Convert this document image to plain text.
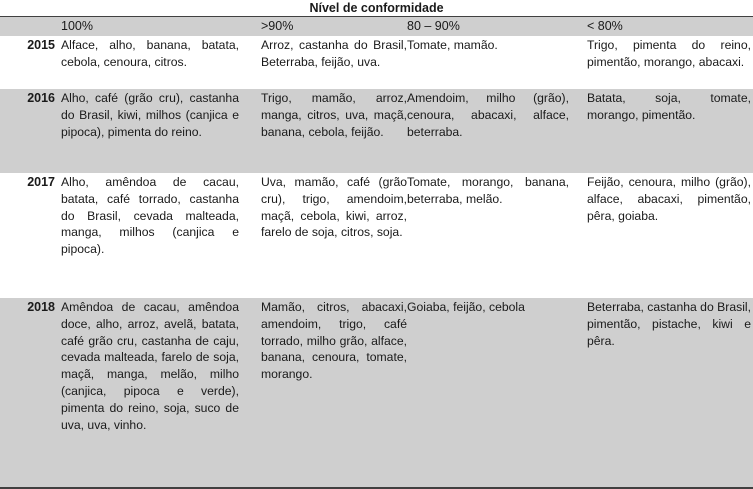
Nível de conformidade
	100%	>90%	80 – 90%	< 80%
2015	Alface, alho, banana, batata, cebola, cenoura, citros.	Arroz, castanha do Brasil, Beterraba, feijão, uva.	Tomate, mamão.	Trigo, pimenta do reino, pimentão, morango, abacaxi.
2016	Alho, café (grão cru), castanha do Brasil, kiwi, milhos (canjica e pipoca), pimenta do reino.	Trigo, mamão, arroz, manga, citros, uva, maçã, banana, cebola, feijão.	Amendoim, milho (grão), cenoura, abacaxi, alface, beterraba.	Batata, soja, tomate, morango, pimentão.
2017	Alho, amêndoa de cacau, batata, café torrado, castanha do Brasil, cevada malteada, manga, milhos (canjica e pipoca).	Uva, mamão, café (grão cru), trigo, amendoim, maçã, cebola, kiwi, arroz, farelo de soja, citros, soja.	Tomate, morango, banana, beterraba, melão.	Feijão, cenoura, milho (grão), alface, abacaxi, pimentão, pêra, goiaba.
2018	Amêndoa de cacau, amêndoa doce, alho, arroz, avelã, batata, café grão cru, castanha de caju, cevada malteada, farelo de soja, maçã, manga, melão, milho (canjica, pipoca e verde), pimenta do reino, soja, suco de uva, uva, vinho.	Mamão, citros, abacaxi, amendoim, trigo, café torrado, milho grão, alface, banana, cenoura, tomate, morango.	Goiaba, feijão, cebola	Beterraba, castanha do Brasil, pimentão, pistache, kiwi e pêra.
